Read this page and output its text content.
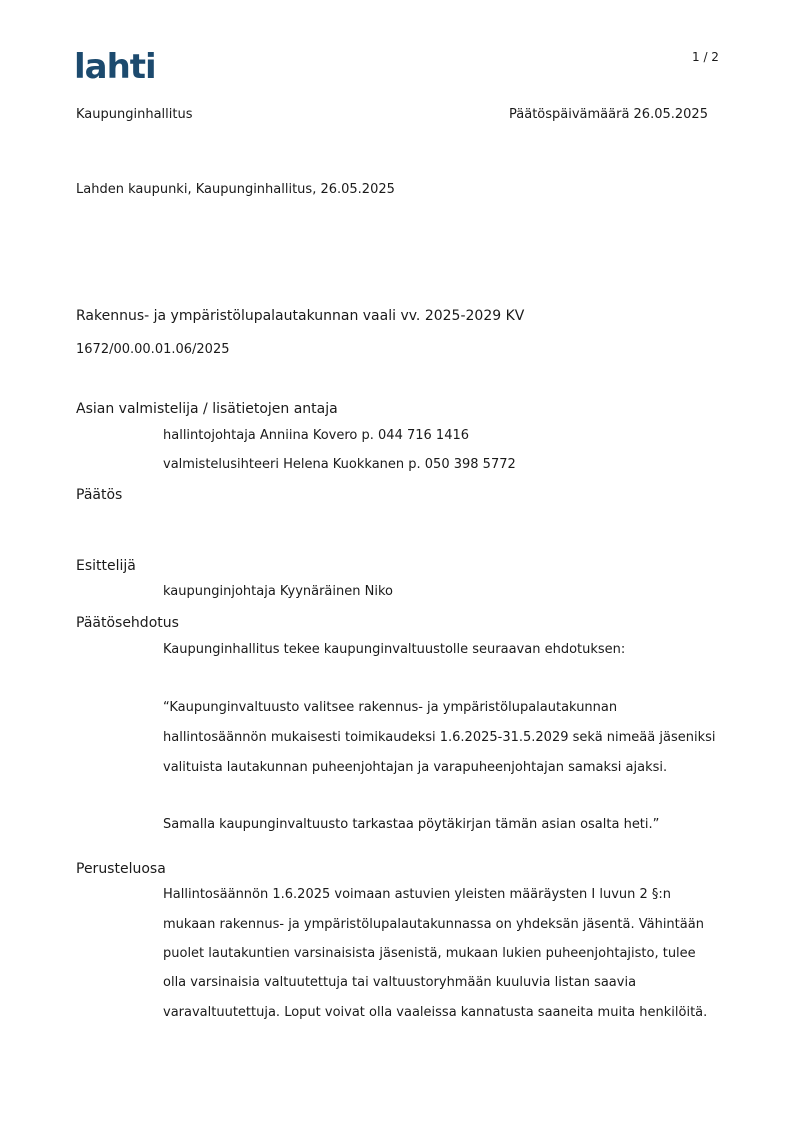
lahti	1 / 2
Kaupunginhallitus	Päätöspäivämäärä 26.05.2025
Lahden kaupunki, Kaupunginhallitus, 26.05.2025
Rakennus- ja ympäristölupalautakunnan vaali vv. 2025-2029 KV
1672/00.00.01.06/2025
Asian valmistelija / lisätietojen antaja
hallintojohtaja Anniina Kovero p. 044 716 1416
valmistelusihteeri Helena Kuokkanen p. 050 398 5772
Päätös
Esittelijä
kaupunginjohtaja Kyynäräinen Niko
Päätösehdotus
Kaupunginhallitus tekee kaupunginvaltuustolle seuraavan ehdotuksen:
“Kaupunginvaltuusto valitsee rakennus- ja ympäristölupalautakunnan
hallintosäännön mukaisesti toimikaudeksi 1.6.2025-31.5.2029 sekä nimeää jäseniksi
valituista lautakunnan puheenjohtajan ja varapuheenjohtajan samaksi ajaksi.
Samalla kaupunginvaltuusto tarkastaa pöytäkirjan tämän asian osalta heti.”
Perusteluosa
Hallintosäännön 1.6.2025 voimaan astuvien yleisten määräysten I luvun 2 §:n
mukaan rakennus- ja ympäristölupalautakunnassa on yhdeksän jäsentä. Vähintään
puolet lautakuntien varsinaisista jäsenistä, mukaan lukien puheenjohtajisto, tulee
olla varsinaisia valtuutettuja tai valtuustoryhmään kuuluvia listan saavia
varavaltuutettuja. Loput voivat olla vaaleissa kannatusta saaneita muita henkilöitä.
